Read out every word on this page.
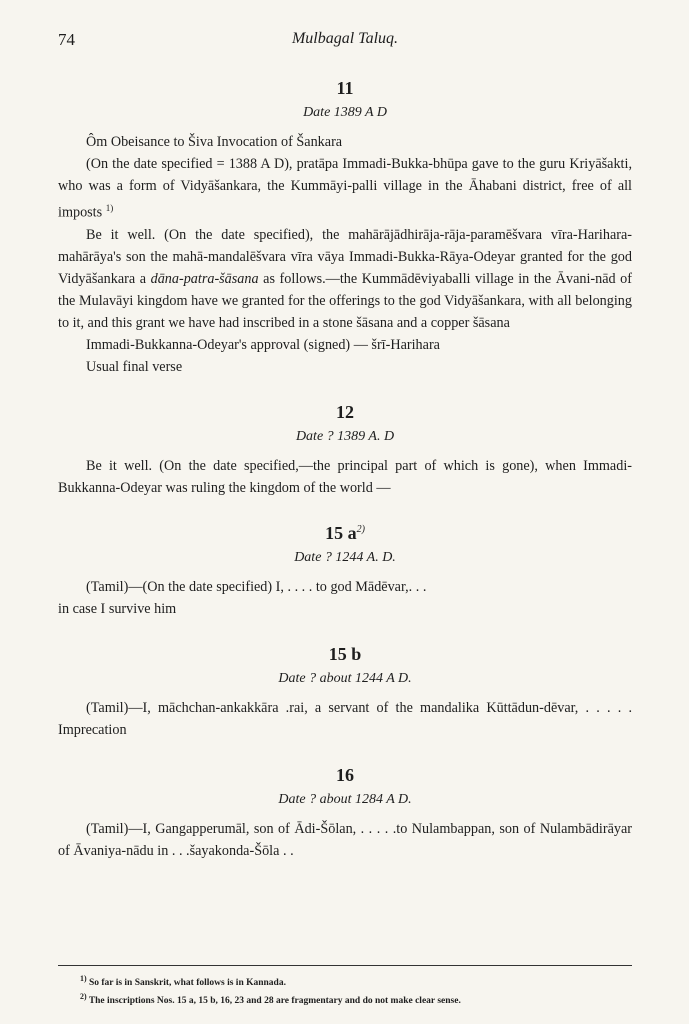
74	Mulbagal Taluq.
11
Date 1389 A D

Ôm Obeisance to Šiva Invocation of Šankara

(On the date specified = 1388 A D), pratāpa Immadi-Bukka-bhūpa gave to the guru Kriyāšakti, who was a form of Vidyāšankara, the Kummāyi-palli village in the Āhabani district, free of all imposts $^{1)}$

Be it well. (On the date specified), the mahārājādhirāja-rāja-paramēšvara vīra-Harihara-mahārāya's son the mahā-mandalēšvara vīra vāya Immadi-Bukka-Rāya-Odeyar granted for the god Vidyāšankara a dāna-patra-šāsana as follows.—the Kummādēviyaballi village in the Āvani-nād of the Mulavāyi kingdom have we granted for the offerings to the god Vidyāšankara, with all belonging to it, and this grant we have had inscribed in a stone šāsana and a copper šāsana

Immadi-Bukkanna-Odeyar's approval (signed) — šrī-Harihara

Usual final verse

12
Date ? 1389 A. D

Be it well. (On the date specified,—the principal part of which is gone), when Immadi-Bukkanna-Odeyar was ruling the kingdom of the world —

15 $a^{2)}$
Date ? 1244 A. D.

(Tamil)—(On the date specified) I, . . . . to god Mādēvar,. . .

in case I survive him

15 b
Date ? about 1244 A D.

(Tamil)—I, māchchan-ankakkāra .rai, a servant of the mandalika Kūttādun-dēvar, . . . . . Imprecation

16
Date ? about 1284 A D.

(Tamil)—I, Gangapperumāl, son of Ādi-Šōlan, . . . . .to Nulambappan, son of Nulambādirāyar of Āvaniya-nādu in . . .šayakonda-Šōla . .

$^{1)}$ So far is in Sanskrit, what follows is in Kannada.
$^{2)}$ The inscriptions Nos. 15 a, 15 b, 16, 23 and 28 are fragmentary and do not make clear sense.
